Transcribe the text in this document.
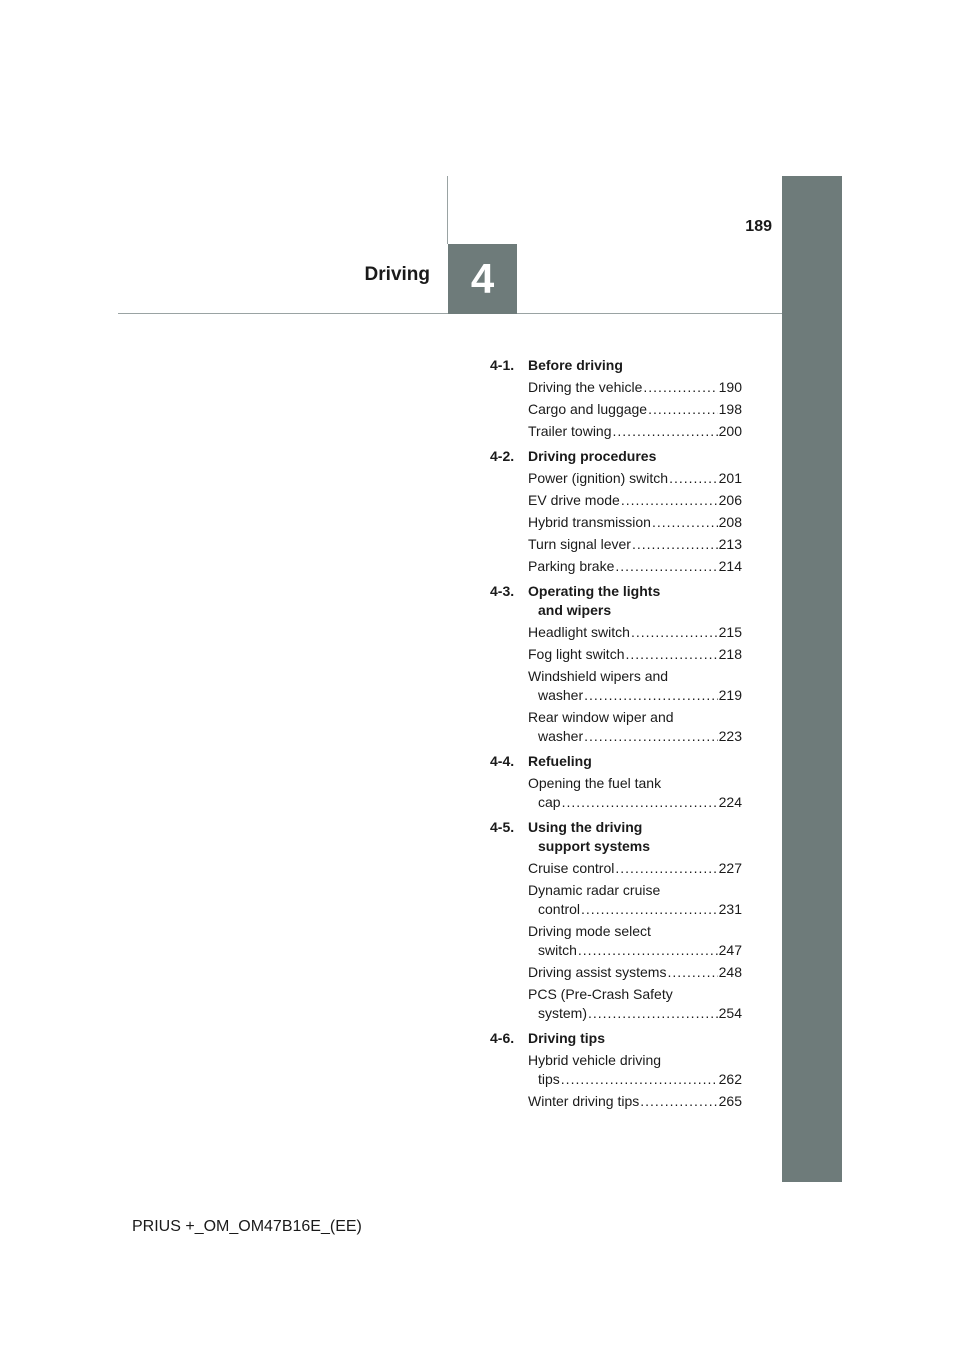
189
Driving 4
4-1. Before driving
Driving the vehicle .....	190
Cargo and luggage .....	198
Trailer towing .....	200
4-2. Driving procedures
Power (ignition) switch .....	201
EV drive mode .....	206
Hybrid transmission .....	208
Turn signal lever .....	213
Parking brake .....	214
4-3. Operating the lights
and wipers
Headlight switch .....	215
Fog light switch .....	218
Windshield wipers and
washer .....	219
Rear window wiper and
washer .....	223
4-4. Refueling
Opening the fuel tank
cap .....	224
4-5. Using the driving
support systems
Cruise control .....	227
Dynamic radar cruise
control .....	231
Driving mode select
switch .....	247
Driving assist systems .....	248
PCS (Pre-Crash Safety
system) .....	254
4-6. Driving tips
Hybrid vehicle driving
tips .....	262
Winter driving tips .....	265
PRIUS +_OM_OM47B16E_(EE)
